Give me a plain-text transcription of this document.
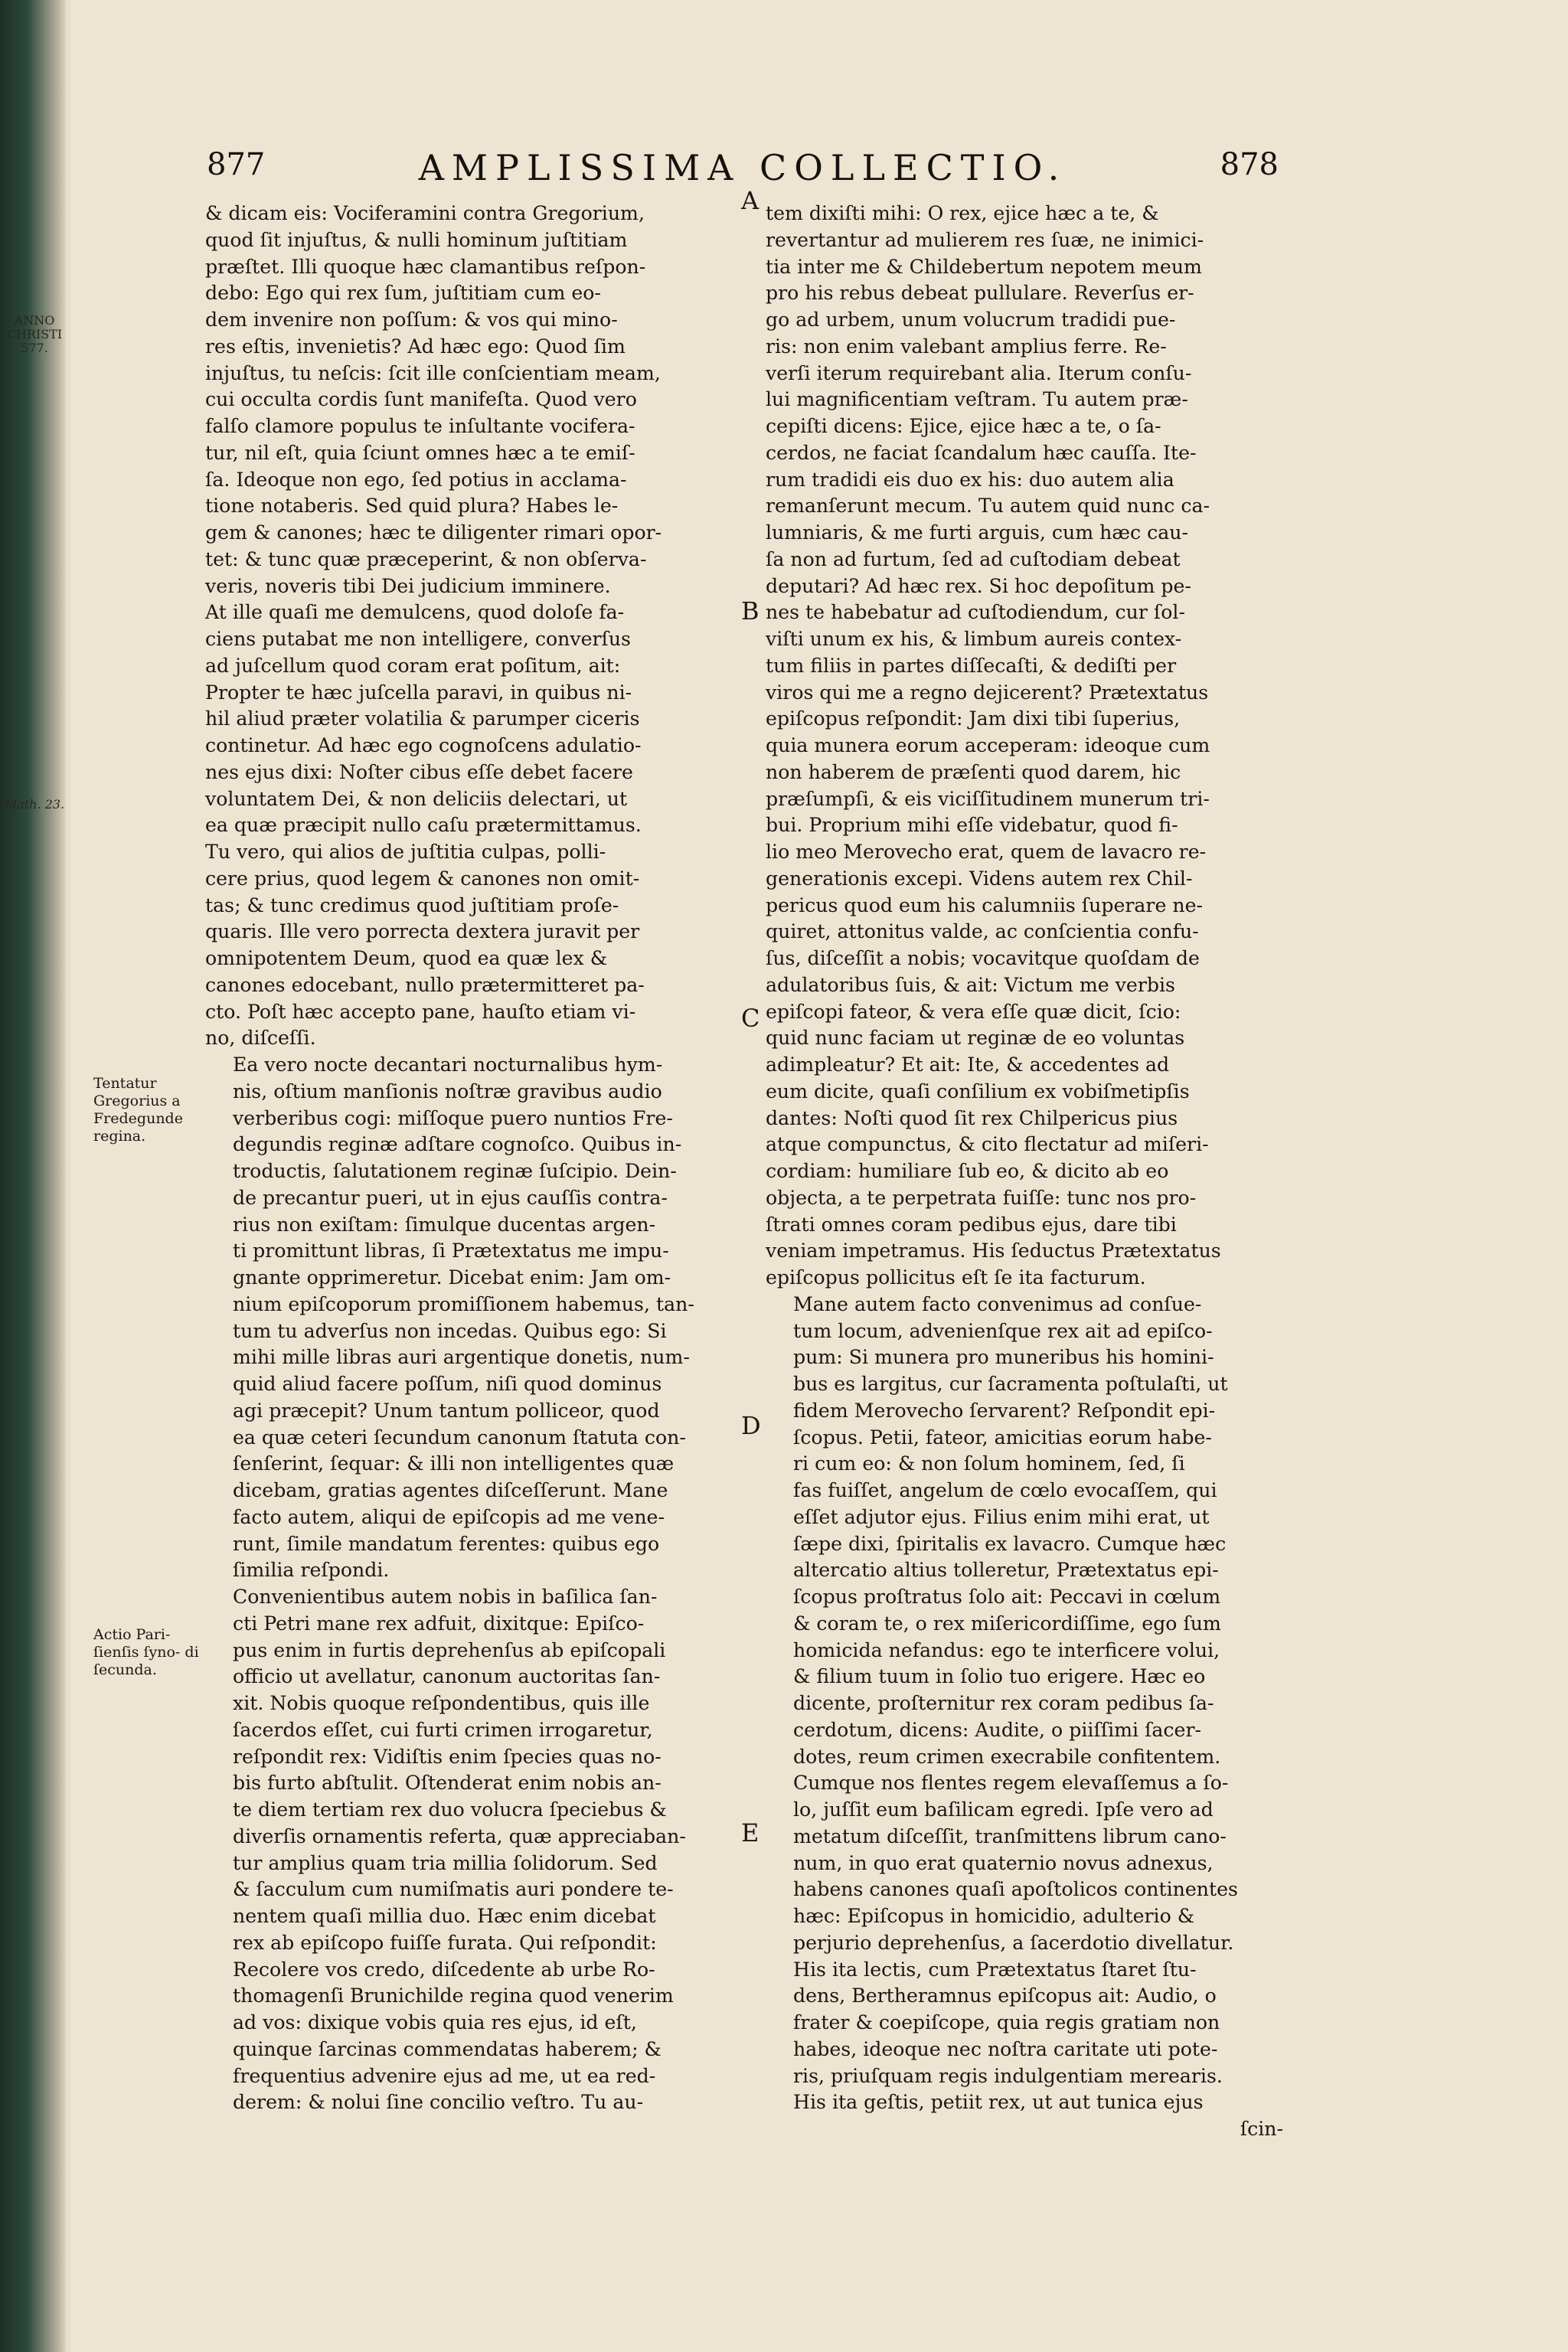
ANNO CHRISTI 577.
Math. 23.
877	AMPLISSIMA COLLECTIO.	878
Tentatur Gregorius a Fredegunde regina.
Actio Pari- ſienſis ſyno- di ſecunda.
A
B
C
D
E

& dicam eis: Vociferamini contra Gregorium,
quod ſit injuſtus, & nulli hominum juſtitiam
præſtet. Illi quoque hæc clamantibus reſpon-
debo: Ego qui rex ſum, juſtitiam cum eo-
dem invenire non poſſum: & vos qui mino-
res eſtis, invenietis? Ad hæc ego: Quod ſim
injuſtus, tu neſcis: ſcit ille conſcientiam meam,
cui occulta cordis ſunt manifeſta. Quod vero
falſo clamore populus te inſultante vocifera-
tur, nil eſt, quia ſciunt omnes hæc a te emiſ-
ſa. Ideoque non ego, ſed potius in acclama-
tione notaberis. Sed quid plura? Habes le-
gem & canones; hæc te diligenter rimari opor-
tet: & tunc quæ præceperint, & non obſerva-
veris, noveris tibi Dei judicium imminere.
At ille quaſi me demulcens, quod doloſe fa-
ciens putabat me non intelligere, converſus
ad juſcellum quod coram erat poſitum, ait:
Propter te hæc juſcella paravi, in quibus ni-
hil aliud præter volatilia & parumper ciceris
continetur. Ad hæc ego cognoſcens adulatio-
nes ejus dixi: Noſter cibus eſſe debet facere
voluntatem Dei, & non deliciis delectari, ut
ea quæ præcipit nullo caſu prætermittamus.
Tu vero, qui alios de juſtitia culpas, polli-
cere prius, quod legem & canones non omit-
tas; & tunc credimus quod juſtitiam proſe-
quaris. Ille vero porrecta dextera juravit per
omnipotentem Deum, quod ea quæ lex &
canones edocebant, nullo prætermitteret pa-
cto. Poſt hæc accepto pane, hauſto etiam vi-
no, diſceſſi.

Ea vero nocte decantari nocturnalibus hym-
nis, oſtium manſionis noſtræ gravibus audio
verberibus cogi: miſſoque puero nuntios Fre-
degundis reginæ adſtare cognoſco. Quibus in-
troductis, ſalutationem reginæ ſuſcipio. Dein-
de precantur pueri, ut in ejus cauſſis contra-
rius non exiſtam: ſimulque ducentas argen-
ti promittunt libras, ſi Prætextatus me impu-
gnante opprimeretur. Dicebat enim: Jam om-
nium epiſcoporum promiſſionem habemus, tan-
tum tu adverſus non incedas. Quibus ego: Si
mihi mille libras auri argentique donetis, num-
quid aliud facere poſſum, niſi quod dominus
agi præcepit? Unum tantum polliceor, quod
ea quæ ceteri ſecundum canonum ſtatuta con-
ſenſerint, ſequar: & illi non intelligentes quæ
dicebam, gratias agentes diſceſſerunt. Mane
facto autem, aliqui de epiſcopis ad me vene-
runt, ſimile mandatum ferentes: quibus ego
ſimilia reſpondi.

Convenientibus autem nobis in baſilica ſan-
cti Petri mane rex adfuit, dixitque: Epiſco-
pus enim in furtis deprehenſus ab epiſcopali
officio ut avellatur, canonum auctoritas ſan-
xit. Nobis quoque reſpondentibus, quis ille
ſacerdos eſſet, cui furti crimen irrogaretur,
reſpondit rex: Vidiſtis enim ſpecies quas no-
bis furto abſtulit. Oſtenderat enim nobis an-
te diem tertiam rex duo volucra ſpeciebus &
diverſis ornamentis referta, quæ appreciaban-
tur amplius quam tria millia ſolidorum. Sed
& ſacculum cum numiſmatis auri pondere te-
nentem quaſi millia duo. Hæc enim dicebat
rex ab epiſcopo fuiſſe furata. Qui reſpondit:
Recolere vos credo, diſcedente ab urbe Ro-
thomagenſi Brunichilde regina quod venerim
ad vos: dixique vobis quia res ejus, id eſt,
quinque ſarcinas commendatas haberem; &
frequentius advenire ejus ad me, ut ea red-
derem: & nolui ſine concilio veſtro. Tu au-

tem dixiſti mihi: O rex, ejice hæc a te, &
revertantur ad mulierem res ſuæ, ne inimici-
tia inter me & Childebertum nepotem meum
pro his rebus debeat pullulare. Reverſus er-
go ad urbem, unum volucrum tradidi pue-
ris: non enim valebant amplius ferre. Re-
verſi iterum requirebant alia. Iterum conſu-
lui magnificentiam veſtram. Tu autem præ-
cepiſti dicens: Ejice, ejice hæc a te, o ſa-
cerdos, ne faciat ſcandalum hæc cauſſa. Ite-
rum tradidi eis duo ex his: duo autem alia
remanſerunt mecum. Tu autem quid nunc ca-
lumniaris, & me furti arguis, cum hæc cau-
ſa non ad furtum, ſed ad cuſtodiam debeat
deputari? Ad hæc rex. Si hoc depoſitum pe-
nes te habebatur ad cuſtodiendum, cur ſol-
viſti unum ex his, & limbum aureis contex-
tum filiis in partes diſſecaſti, & dediſti per
viros qui me a regno dejicerent? Prætextatus
epiſcopus reſpondit: Jam dixi tibi ſuperius,
quia munera eorum acceperam: ideoque cum
non haberem de præſenti quod darem, hic
præſumpſi, & eis viciſſitudinem munerum tri-
bui. Proprium mihi eſſe videbatur, quod fi-
lio meo Merovecho erat, quem de lavacro re-
generationis excepi. Videns autem rex Chil-
pericus quod eum his calumniis ſuperare ne-
quiret, attonitus valde, ac conſcientia confu-
ſus, diſceſſit a nobis; vocavitque quoſdam de
adulatoribus ſuis, & ait: Victum me verbis
epiſcopi fateor, & vera eſſe quæ dicit, ſcio:
quid nunc faciam ut reginæ de eo voluntas
adimpleatur? Et ait: Ite, & accedentes ad
eum dicite, quaſi conſilium ex vobiſmetipſis
dantes: Noſti quod ſit rex Chilpericus pius
atque compunctus, & cito flectatur ad miſeri-
cordiam: humiliare ſub eo, & dicito ab eo
objecta, a te perpetrata fuiſſe: tunc nos pro-
ſtrati omnes coram pedibus ejus, dare tibi
veniam impetramus. His ſeductus Prætextatus
epiſcopus pollicitus eſt ſe ita facturum.

Mane autem facto convenimus ad conſue-
tum locum, advenienſque rex ait ad epiſco-
pum: Si munera pro muneribus his homini-
bus es largitus, cur ſacramenta poſtulaſti, ut
fidem Merovecho ſervarent? Reſpondit epi-
ſcopus. Petii, fateor, amicitias eorum habe-
ri cum eo: & non ſolum hominem, ſed, ſi
fas fuiſſet, angelum de cœlo evocaſſem, qui
eſſet adjutor ejus. Filius enim mihi erat, ut
ſæpe dixi, ſpiritalis ex lavacro. Cumque hæc
altercatio altius tolleretur, Prætextatus epi-
ſcopus proſtratus ſolo ait: Peccavi in cœlum
& coram te, o rex miſericordiſſime, ego ſum
homicida nefandus: ego te interficere volui,
& filium tuum in ſolio tuo erigere. Hæc eo
dicente, proſternitur rex coram pedibus ſa-
cerdotum, dicens: Audite, o piiſſimi ſacer-
dotes, reum crimen execrabile confitentem.
Cumque nos flentes regem elevaſſemus a ſo-
lo, juſſit eum baſilicam egredi. Ipſe vero ad
metatum diſceſſit, tranſmittens librum cano-
num, in quo erat quaternio novus adnexus,
habens canones quaſi apoſtolicos continentes
hæc: Epiſcopus in homicidio, adulterio &
perjurio deprehenſus, a ſacerdotio divellatur.
His ita lectis, cum Prætextatus ſtaret ſtu-
dens, Bertheramnus epiſcopus ait: Audio, o
frater & coepiſcope, quia regis gratiam non
habes, ideoque nec noſtra caritate uti pote-
ris, priuſquam regis indulgentiam merearis.
His ita geſtis, petiit rex, ut aut tunica ejus

ſcin-
